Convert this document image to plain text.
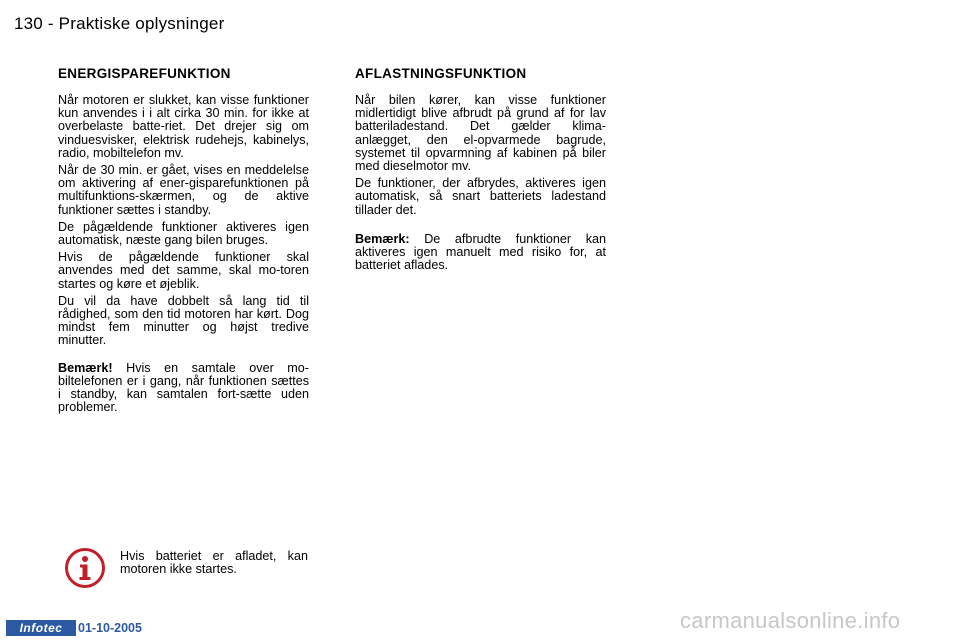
130 - Praktiske oplysninger
ENERGISPAREFUNKTION

Når motoren er slukket, kan visse funktioner kun anvendes i i alt cirka 30 min. for ikke at overbelaste batte-riet. Det drejer sig om vinduesvisker, elektrisk rudehejs, kabinelys, radio, mobiltelefon mv.

Når de 30 min. er gået, vises en meddelelse om aktivering af ener-gisparefunktionen på multifunktions-skærmen, og de aktive funktioner sættes i standby.

De pågældende funktioner aktiveres igen automatisk, næste gang bilen bruges.

Hvis de pågældende funktioner skal anvendes med det samme, skal mo-toren startes og køre et øjeblik.

Du vil da have dobbelt så lang tid til rådighed, som den tid motoren har kørt. Dog mindst fem minutter og højst tredive minutter.

Bemærk! Hvis en samtale over mo-biltelefonen er i gang, når funktionen sættes i standby, kan samtalen fort-sætte uden problemer.

AFLASTNINGSFUNKTION

Når bilen kører, kan visse funktioner midlertidigt blive afbrudt på grund af for lav batteriladestand. Det gælder klima-anlægget, den el-opvarmede bagrude, systemet til opvarmning af kabinen på biler med dieselmotor mv.

De funktioner, der afbrydes, aktiveres igen automatisk, så snart batteriets ladestand tillader det.

Bemærk: De afbrudte funktioner kan aktiveres igen manuelt med risiko for, at batteriet aflades.

Hvis batteriet er afladet, kan motoren ikke startes.

Infotec	01-10-2005	carmanualsonline.info
